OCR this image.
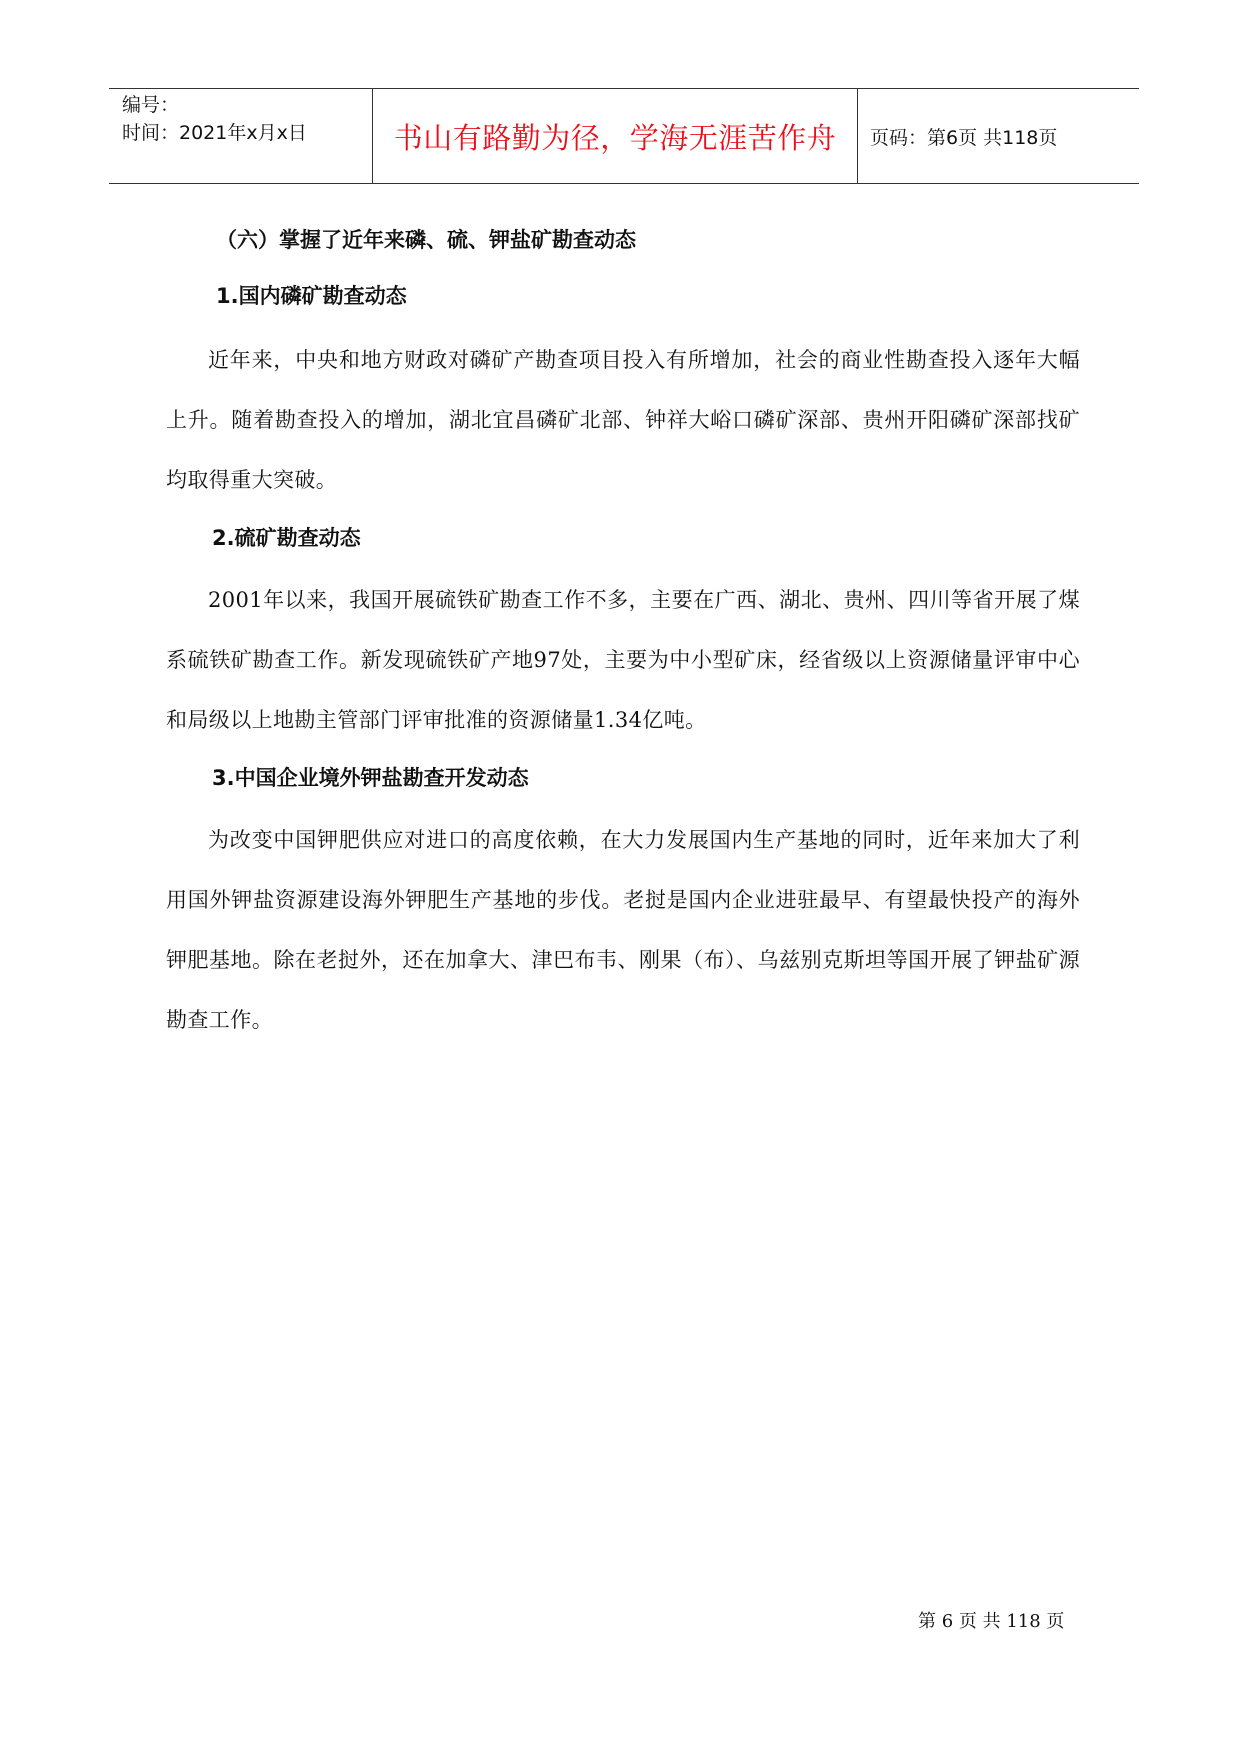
编号：
时间：2021年x月x日	书山有路勤为径，学海无涯苦作舟 页码：第6页 共118页
（六）掌握了近年来磷、硫、钾盐矿勘查动态
1.国内磷矿勘查动态
近年来，中央和地方财政对磷矿产勘查项目投入有所增加，社会的商业性勘查投入逐年大幅上升。随着勘查投入的增加，湖北宜昌磷矿北部、钟祥大峪口磷矿深部、贵州开阳磷矿深部找矿均取得重大突破。
2.硫矿勘查动态
2001年以来，我国开展硫铁矿勘查工作不多，主要在广西、湖北、贵州、四川等省开展了煤系硫铁矿勘查工作。新发现硫铁矿产地97处，主要为中小型矿床，经省级以上资源储量评审中心和局级以上地勘主管部门评审批准的资源储量1.34亿吨。
3.中国企业境外钾盐勘查开发动态
为改变中国钾肥供应对进口的高度依赖，在大力发展国内生产基地的同时，近年来加大了利用国外钾盐资源建设海外钾肥生产基地的步伐。老挝是国内企业进驻最早、有望最快投产的海外钾肥基地。除在老挝外，还在加拿大、津巴布韦、刚果（布）、乌兹别克斯坦等国开展了钾盐矿源勘查工作。
第 6 页 共 118 页
